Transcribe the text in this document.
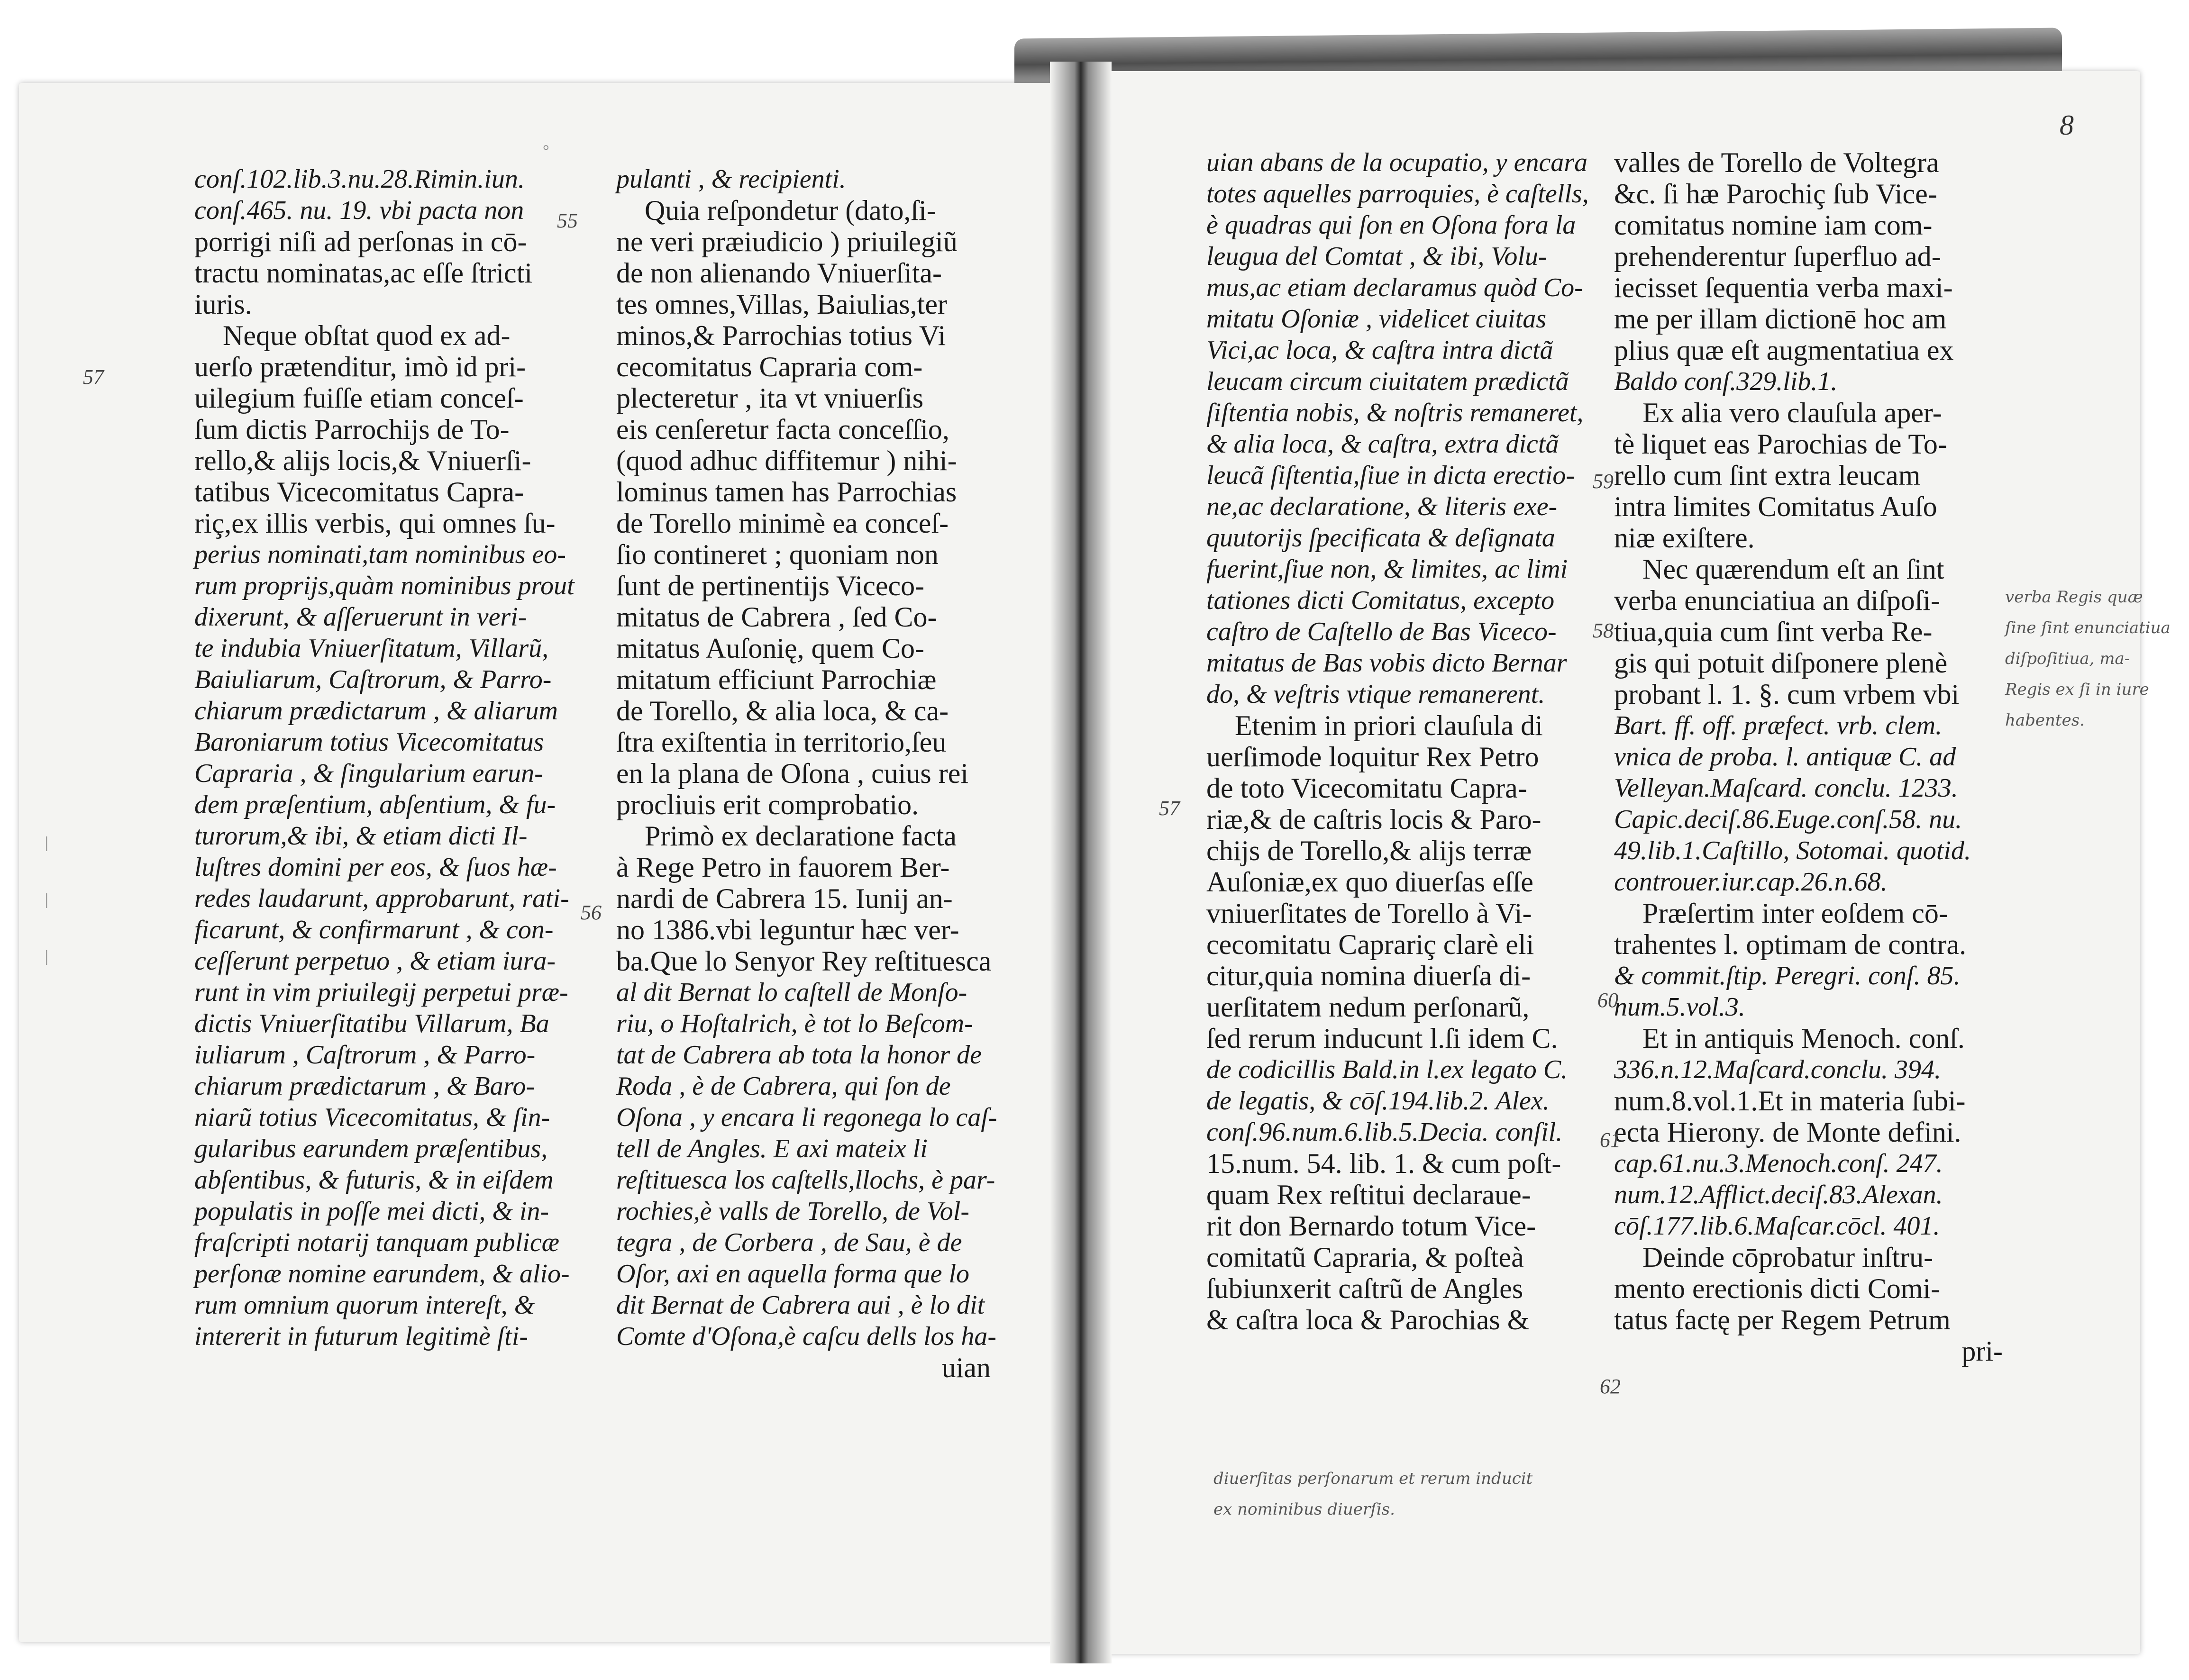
8

conſ.102.lib.3.nu.28.Rimin.iun.

conſ.465. nu. 19. vbi pacta non

porrigi niſi ad perſonas in cō-

tractu nominatas,ac eſſe ſtricti

iuris.

Neque obſtat quod ex ad-

uerſo prætenditur, imò id pri-

uilegium fuiſſe etiam conceſ-

ſum dictis Parrochijs de To-

rello,& alijs locis,& Vniuerſi-

tatibus Vicecomitatus Capra-

riç,ex illis verbis, qui omnes ſu-

perius nominati,tam nominibus eo-

rum proprijs,quàm nominibus prout

dixerunt, & aſſeruerunt in veri-

te indubia Vniuerſitatum, Villarũ,

Baiuliarum, Caſtrorum, & Parro-

chiarum prædictarum , & aliarum

Baroniarum totius Vicecomitatus

Capraria , & ſingularium earun-

dem præſentium, abſentium, & fu-

turorum,& ibi, & etiam dicti Il-

luſtres domini per eos, & ſuos hæ-

redes laudarunt, approbarunt, rati-

ficarunt, & confirmarunt , & con-

ceſſerunt perpetuo , & etiam iura-

runt in vim priuilegij perpetui præ-

dictis Vniuerſitatibu Villarum, Ba

iuliarum , Caſtrorum , & Parro-

chiarum prædictarum , & Baro-

niarũ totius Vicecomitatus, & ſin-

gularibus earundem præſentibus,

abſentibus, & futuris, & in eiſdem

populatis in poſſe mei dicti, & in-

fraſcripti notarij tanquam publicæ

perſonæ nomine earundem, & alio-

rum omnium quorum intereſt, &

intererit in futurum legitimè ſti-

pulanti , & recipienti.

Quia reſpondetur (dato,ſi-

ne veri præiudicio ) priuilegiũ

de non alienando Vniuerſita-

tes omnes,Villas, Baiulias,ter

minos,& Parrochias totius Vi

cecomitatus Capraria com-

plecteretur , ita vt vniuerſis

eis cenſeretur facta conceſſio,

(quod adhuc diffitemur ) nihi-

lominus tamen has Parrochias

de Torello minimè ea conceſ-

ſio contineret ; quoniam non

ſunt de pertinentijs Viceco-

mitatus de Cabrera , ſed Co-

mitatus Auſonię, quem Co-

mitatum efficiunt Parrochiæ

de Torello, & alia loca, & ca-

ſtra exiſtentia in territorio,ſeu

en la plana de Oſona , cuius rei

procliuis erit comprobatio.

Primò ex declaratione facta

à Rege Petro in fauorem Ber-

nardi de Cabrera 15. Iunij an-

no 1386.vbi leguntur hæc ver-

ba.Que lo Senyor Rey reſtituesca

al dit Bernat lo caſtell de Monſo-

riu, o Hoſtalrich, è tot lo Beſcom-

tat de Cabrera ab tota la honor de

Roda , è de Cabrera, qui ſon de

Oſona , y encara li regonega lo caſ-

tell de Angles. E axi mateix li

reſtituesca los caſtells,llochs, è par-

rochies,è valls de Torello, de Vol-

tegra , de Corbera , de Sau, è de

Oſor, axi en aquella forma que lo

dit Bernat de Cabrera aui , è lo dit

Comte d'Oſona,è caſcu dells los ha-

uian

uian abans de la ocupatio, y encara

totes aquelles parroquies, è caſtells,

è quadras qui ſon en Oſona fora la

leugua del Comtat , & ibi, Volu-

mus,ac etiam declaramus quòd Co-

mitatu Oſoniæ , videlicet ciuitas

Vici,ac loca, & caſtra intra dictã

leucam circum ciuitatem prædictã

ſiſtentia nobis, & noſtris remaneret,

& alia loca, & caſtra, extra dictã

leucã ſiſtentia,ſiue in dicta erectio-

ne,ac declaratione, & literis exe-

quutorijs ſpecificata & deſignata

fuerint,ſiue non, & limites, ac limi

tationes dicti Comitatus, excepto

caſtro de Caſtello de Bas Viceco-

mitatus de Bas vobis dicto Bernar

do, & veſtris vtique remanerent.

Etenim in priori clauſula di

uerſimode loquitur Rex Petro

de toto Vicecomitatu Capra-

riæ,& de caſtris locis & Paro-

chijs de Torello,& alijs terræ

Auſoniæ,ex quo diuerſas eſſe

vniuerſitates de Torello à Vi-

cecomitatu Caprariç clarè eli

citur,quia nomina diuerſa di-

uerſitatem nedum perſonarũ,

ſed rerum inducunt l.ſi idem C.

de codicillis Bald.in l.ex legato C.

de legatis, & cōſ.194.lib.2. Alex.

conſ.96.num.6.lib.5.Decia. conſil.

15.num. 54. lib. 1. & cum poſt-

quam Rex reſtitui declaraue-

rit don Bernardo totum Vice-

comitatũ Capraria, & poſteà

ſubiunxerit caſtrũ de Angles

& caſtra loca & Parochias &

valles de Torello de Voltegra

&c. ſi hæ Parochiç ſub Vice-

comitatus nomine iam com-

prehenderentur ſuperfluo ad-

iecisset ſequentia verba maxi-

me per illam dictionē hoc am

plius quæ eſt augmentatiua ex

Baldo conſ.329.lib.1.

Ex alia vero clauſula aper-

tè liquet eas Parochias de To-

rello cum ſint extra leucam

intra limites Comitatus Auſo

niæ exiſtere.

Nec quærendum eſt an ſint

verba enunciatiua an diſpoſi-

tiua,quia cum ſint verba Re-

gis qui potuit diſponere plenè

probant l. 1. §. cum vrbem vbi

Bart. ff. off. præfect. vrb. clem.

vnica de proba. l. antiquæ C. ad

Velleyan.Maſcard. conclu. 1233.

Capic.deciſ.86.Euge.conſ.58. nu.

49.lib.1.Caſtillo, Sotomai. quotid.

controuer.iur.cap.26.n.68.

Præſertim inter eoſdem cō-

trahentes l. optimam de contra.

& commit.ſtip. Peregri. conſ. 85.

num.5.vol.3.

Et in antiquis Menoch. conſ.

336.n.12.Maſcard.conclu. 394.

num.8.vol.1.Et in materia ſubi-

ecta Hierony. de Monte defini.

cap.61.nu.3.Menoch.conſ. 247.

num.12.Afflict.deciſ.83.Alexan.

cōſ.177.lib.6.Maſcar.cōcl. 401.

Deinde cōprobatur inſtru-

mento erectionis dicti Comi-

tatus factę per Regem Petrum

pri-

55
57
56
59
58
57
60
61
62
verba Regis quæ
ſine ſint enunciatiua
diſpoſitiua, ma-
Regis ex ſi in iure
habentes.
diuerſitas perſonarum et rerum inducit
ex nominibus diuerſis.
°
|
|
|
